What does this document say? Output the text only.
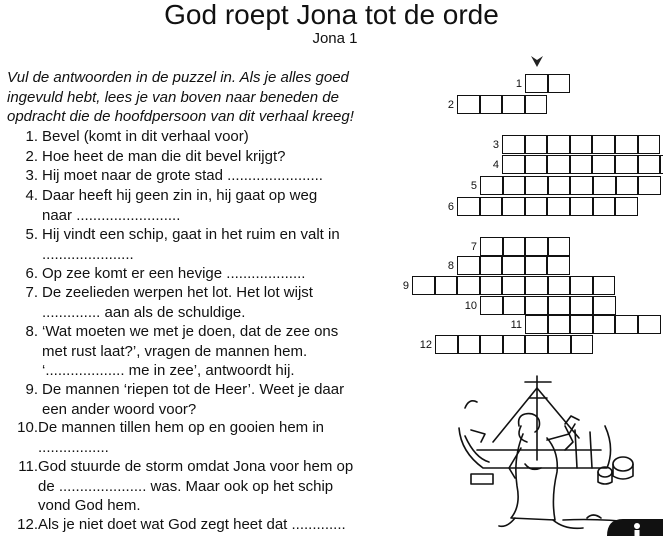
God roept Jona tot de orde
Jona 1
Vul de antwoorden in de puzzel in. Als je alles goed ingevuld hebt, lees je van boven naar beneden de opdracht die de hoofdpersoon van dit verhaal kreeg!
1. Bevel (komt in dit verhaal voor)
2. Hoe heet de man die dit bevel krijgt?
3. Hij moet naar de grote stad .......................
4. Daar heeft hij geen zin in, hij gaat op weg
naar .........................
5. Hij vindt een schip, gaat in het ruim en valt in
......................
6. Op zee komt er een hevige ...................
7. De zeelieden werpen het lot. Het lot wijst
.............. aan als de schuldige.
8. ‘Wat moeten we met je doen, dat de zee ons
met rust laat?’, vragen de mannen hem.
‘................... me in zee’, antwoordt hij.
9. De mannen ‘riepen tot de Heer’. Weet je daar
een ander woord voor?
10. De mannen tillen hem op en gooien hem in
.................
11. God stuurde de storm omdat Jona voor hem op
de ..................... was. Maar ook op het schip
vond God hem.
12. Als je niet doet wat God zegt heet dat .............
1
2
3
4
5
6
7
8
9
10
11
12
